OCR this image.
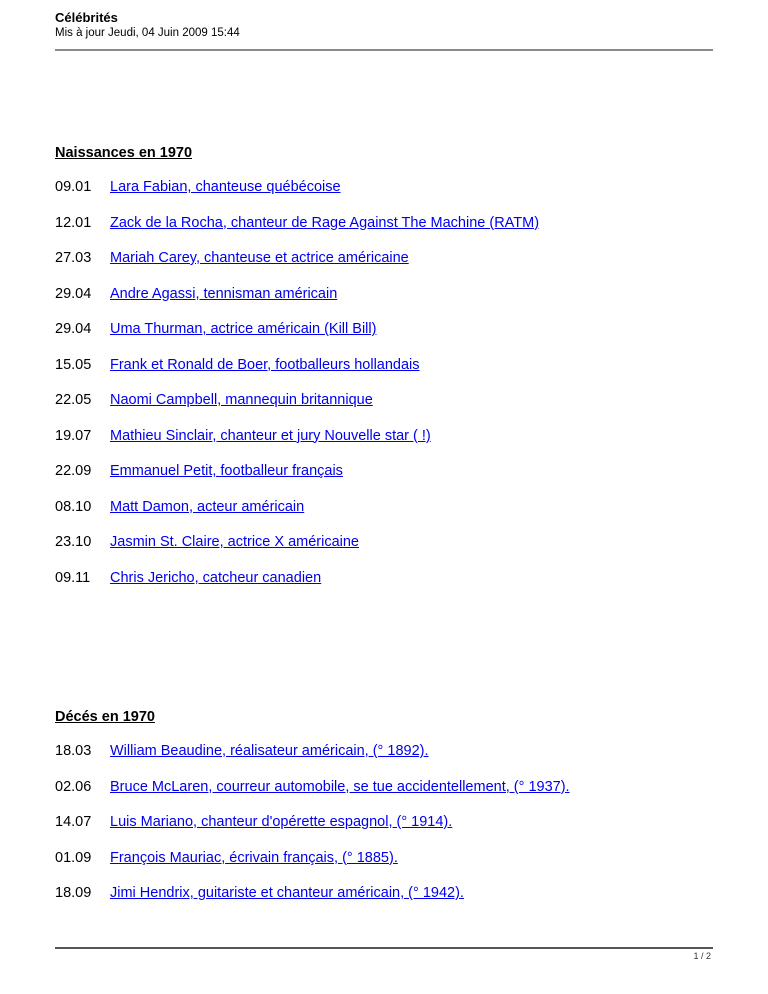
Célébrités
Mis à jour Jeudi, 04 Juin 2009 15:44
Naissances en 1970
09.01	Lara Fabian, chanteuse québécoise
12.01	Zack de la Rocha, chanteur de Rage Against The Machine (RATM)
27.03	Mariah Carey, chanteuse et actrice américaine
29.04	Andre Agassi, tennisman américain
29.04	Uma Thurman, actrice américain (Kill Bill)
15.05	Frank et Ronald de Boer, footballeurs hollandais
22.05	Naomi Campbell, mannequin britannique
19.07	Mathieu Sinclair, chanteur et jury Nouvelle star ( !)
22.09	Emmanuel Petit, footballeur français
08.10	Matt Damon, acteur américain
23.10	Jasmin St. Claire, actrice X américaine
09.11	Chris Jericho, catcheur canadien
Décés en 1970
18.03	William Beaudine, réalisateur américain, (° 1892).
02.06	Bruce McLaren, courreur automobile, se tue accidentellement, (° 1937).
14.07	Luis Mariano, chanteur d'opérette espagnol, (° 1914).
01.09	François Mauriac, écrivain français, (° 1885).
18.09	Jimi Hendrix, guitariste et chanteur américain, (° 1942).
1 / 2
